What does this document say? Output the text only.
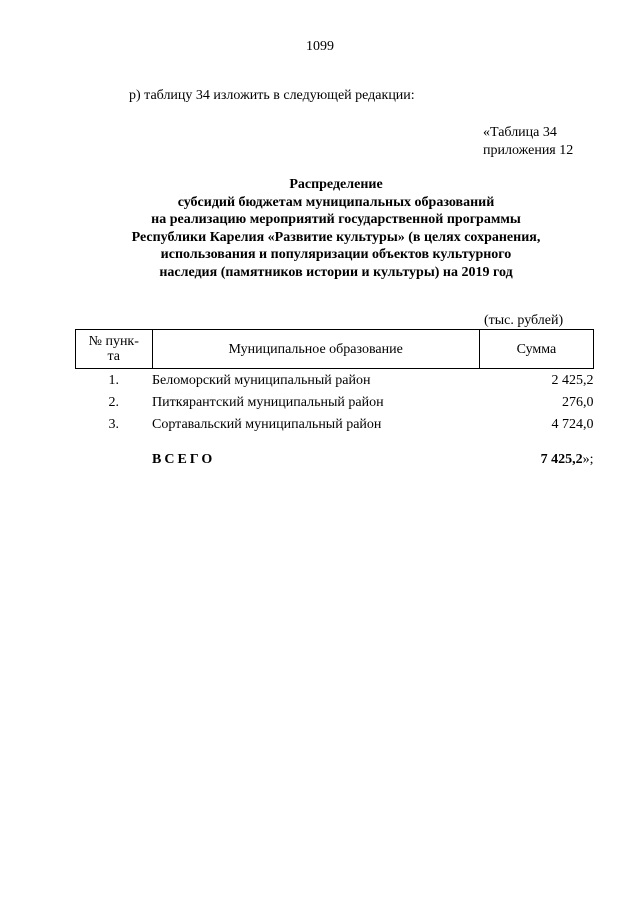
1099
р) таблицу 34 изложить в следующей редакции:
«Таблица 34
приложения 12
Распределение
субсидий бюджетам муниципальных образований
на реализацию мероприятий государственной программы
Республики Карелия «Развитие культуры» (в целях сохранения,
использования и популяризации объектов культурного
наследия (памятников истории и культуры) на 2019 год
(тыс. рублей)
№ пунк-
та	Муниципальное образование	Сумма
1.	Беломорский муниципальный район	2 425,2
2.	Питкярантский муниципальный район	276,0
3.	Сортавальский муниципальный район	4 724,0

	ВСЕГО	7 425,2»;
